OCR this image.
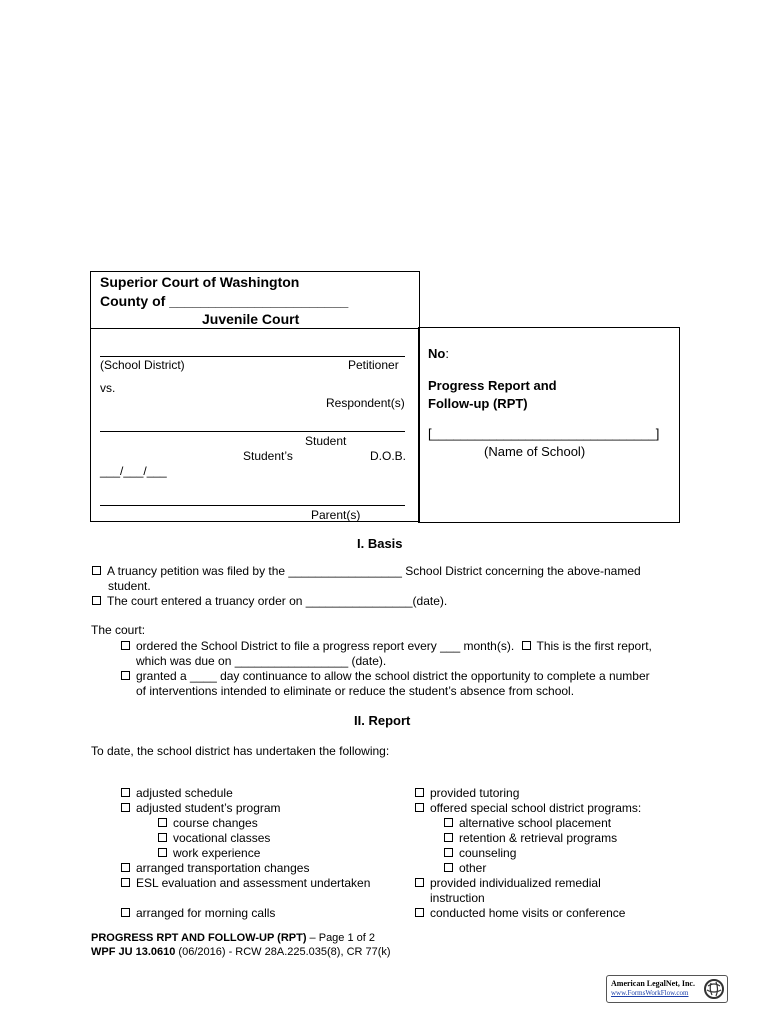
Superior Court of Washington
County of _______________________
Juvenile Court
(School District)	Petitioner
vs.
Respondent(s)
Student
Student’s	D.O.B.
___/___/___
Parent(s)
No:
Progress Report and
Follow-up (RPT)
[_______________________________]
(Name of School)
I. Basis
A truancy petition was filed by the _________________ School District concerning the above-named
student.
The court entered a truancy order on ________________(date).
The court:
ordered the School District to file a progress report every ___ month(s). This is the first report,
which was due on _________________ (date).
granted a ____ day continuance to allow the school district the opportunity to complete a number
of interventions intended to eliminate or reduce the student’s absence from school.
II. Report
To date, the school district has undertaken the following:
adjusted schedule
adjusted student’s program
course changes
vocational classes
work experience
arranged transportation changes
ESL evaluation and assessment undertaken
arranged for morning calls
provided tutoring
offered special school district programs:
alternative school placement
retention & retrieval programs
counseling
other
provided individualized remedial
instruction
conducted home visits or conference
PROGRESS RPT AND FOLLOW-UP (RPT) – Page 1 of 2
WPF JU 13.0610 (06/2016) - RCW 28A.225.035(8), CR 77(k)
American LegalNet, Inc.
www.FormsWorkFlow.com
